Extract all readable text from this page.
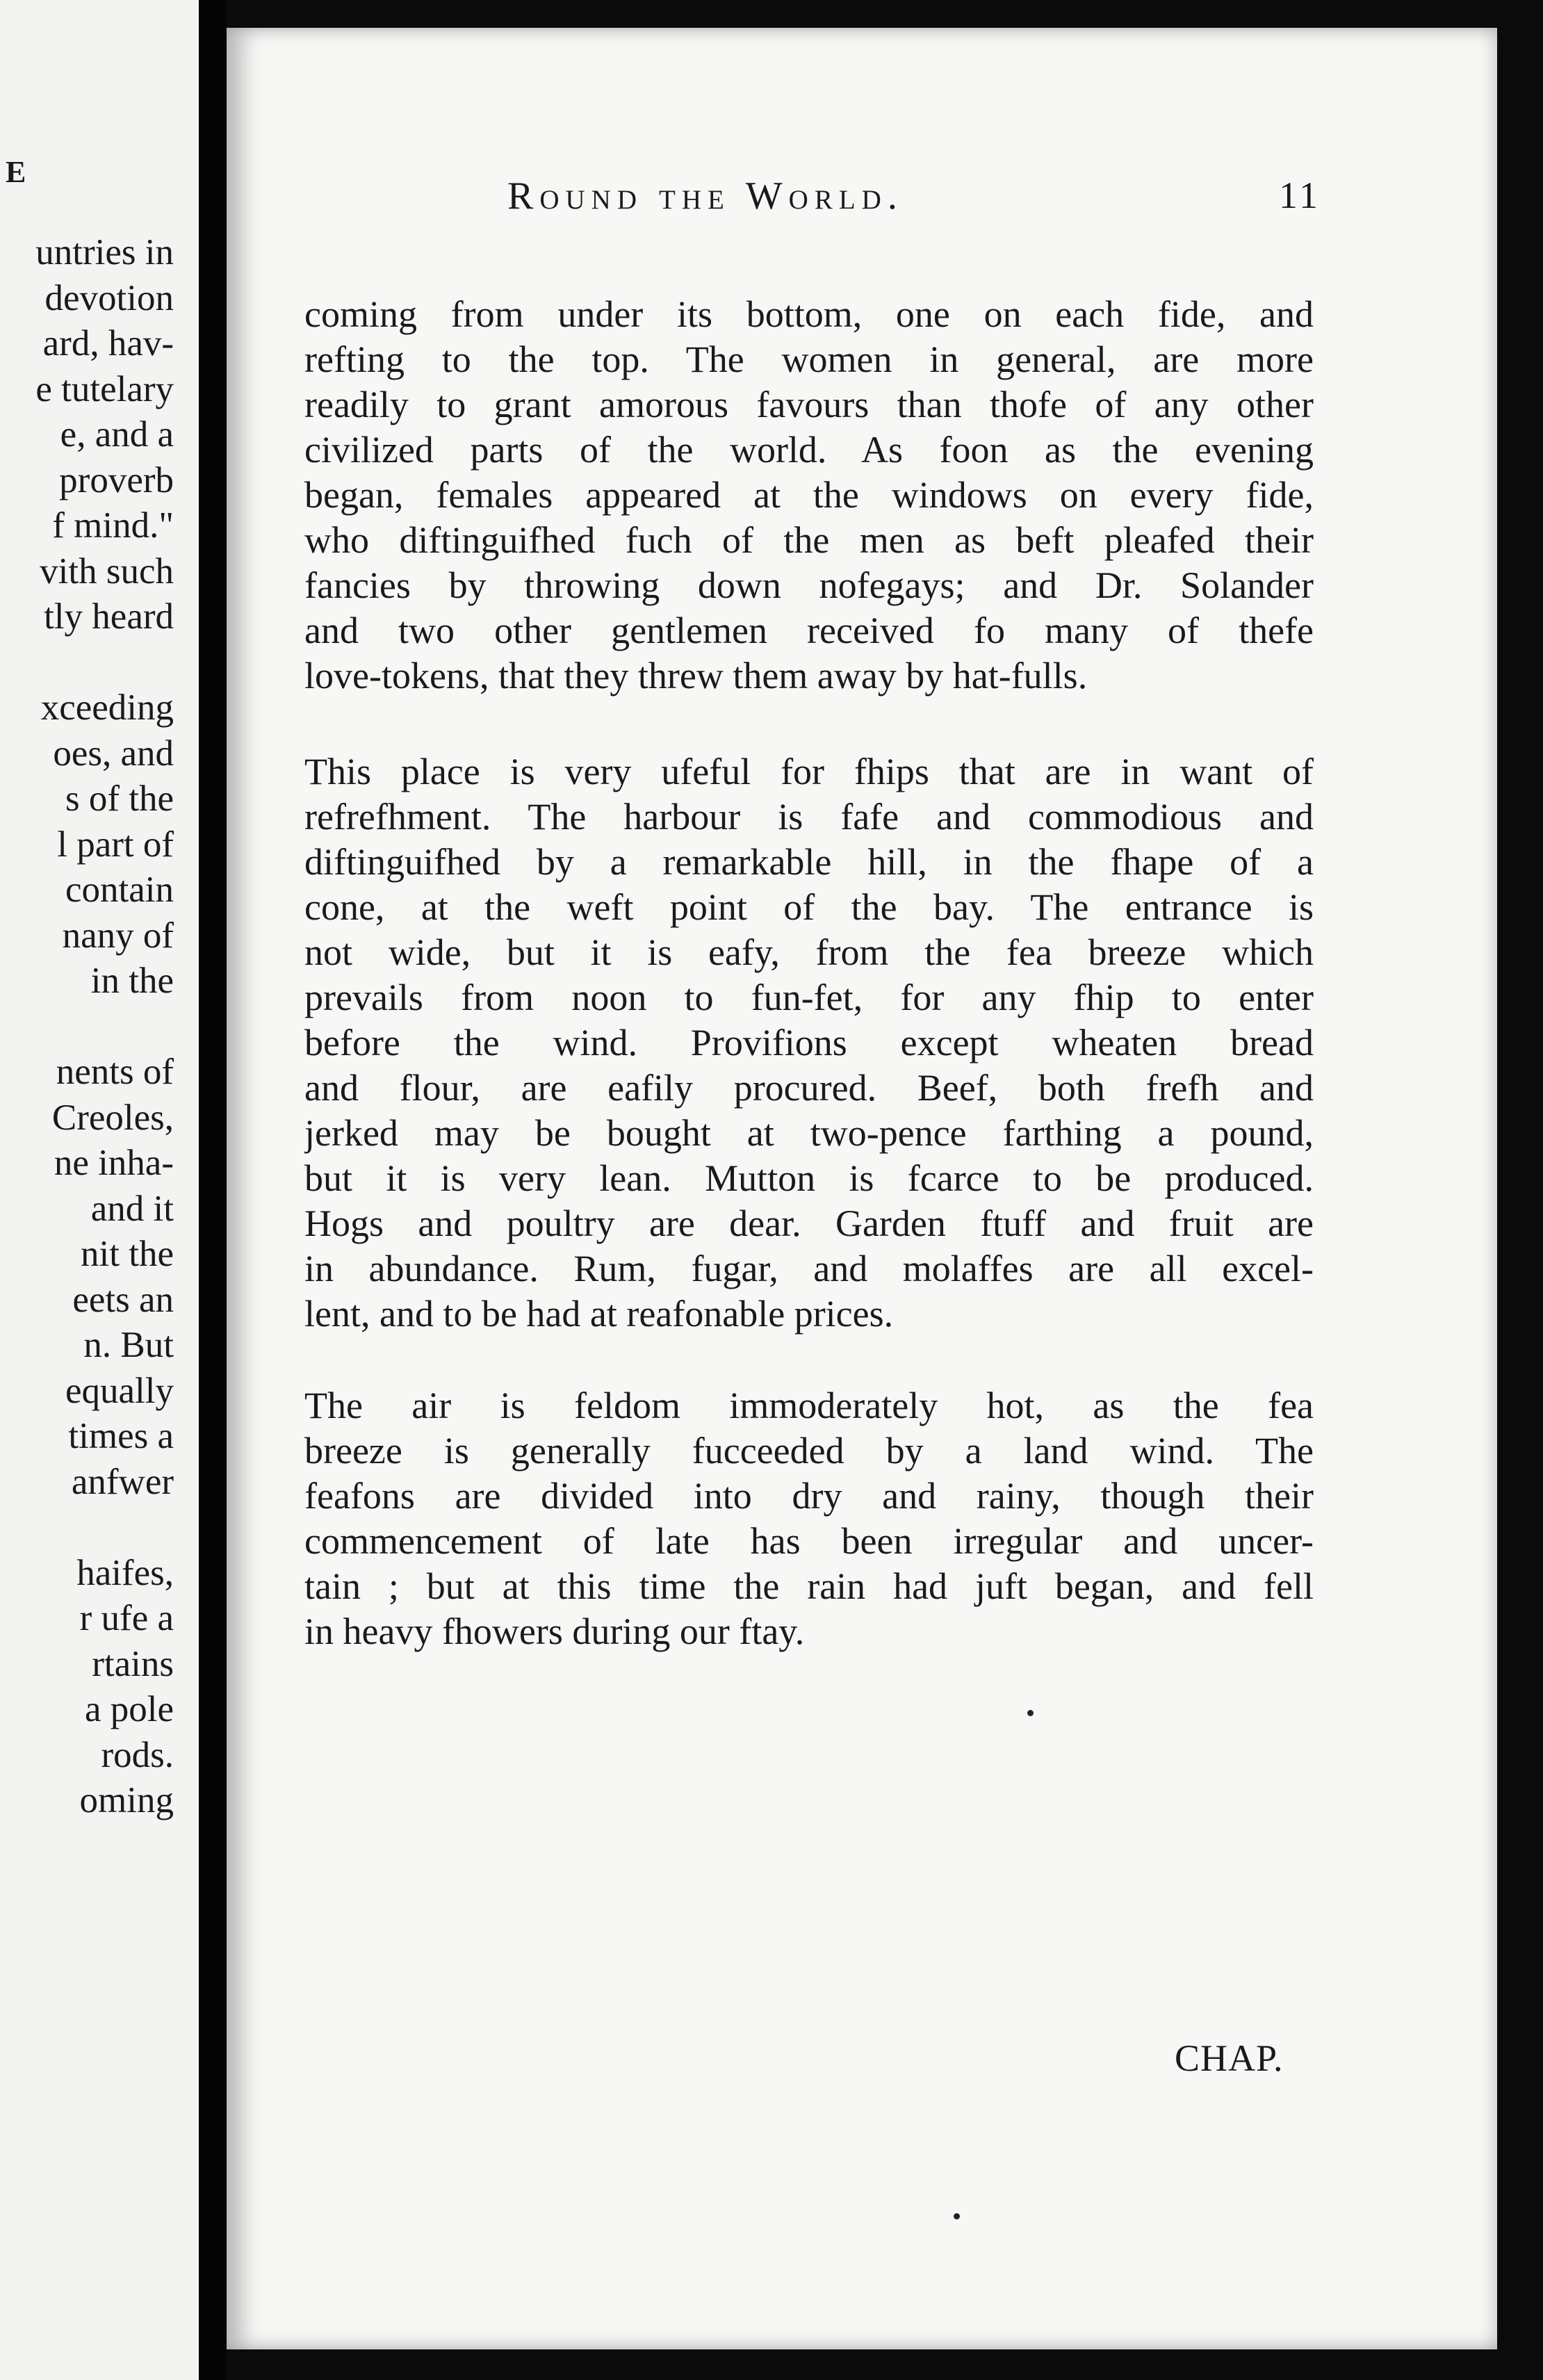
E
untries in
devotion
ard, hav-
e tutelary
e, and a
proverb
f mind."
vith such
tly heard
xceeding
oes, and
s of the
l part of
contain
nany of
in the
nents of
Creoles,
ne inha-
and it
nit the
eets an
n. But
equally
times a
anfwer
haifes,
r ufe a
rtains
a pole
rods.
oming
Round the World.	11
coming from under its bottom, one on each fide, and
refting to the top. The women in general, are more
readily to grant amorous favours than thofe of any other
civilized parts of the world. As foon as the evening
began, females appeared at the windows on every fide,
who diftinguifhed fuch of the men as beft pleafed their
fancies by throwing down nofegays; and Dr. Solander
and two other gentlemen received fo many of thefe
love-tokens, that they threw them away by hat-fulls.
This place is very ufeful for fhips that are in want of
refrefhment. The harbour is fafe and commodious and
diftinguifhed by a remarkable hill, in the fhape of a
cone, at the weft point of the bay. The entrance is
not wide, but it is eafy, from the fea breeze which
prevails from noon to fun-fet, for any fhip to enter
before the wind. Provifions except wheaten bread
and flour, are eafily procured. Beef, both frefh and
jerked may be bought at two-pence farthing a pound,
but it is very lean. Mutton is fcarce to be produced.
Hogs and poultry are dear. Garden ftuff and fruit are
in abundance. Rum, fugar, and molaffes are all excel-
lent, and to be had at reafonable prices.
The air is feldom immoderately hot, as the fea
breeze is generally fucceeded by a land wind. The
feafons are divided into dry and rainy, though their
commencement of late has been irregular and uncer-
tain ; but at this time the rain had juft began, and fell
in heavy fhowers during our ftay.
CHAP.
